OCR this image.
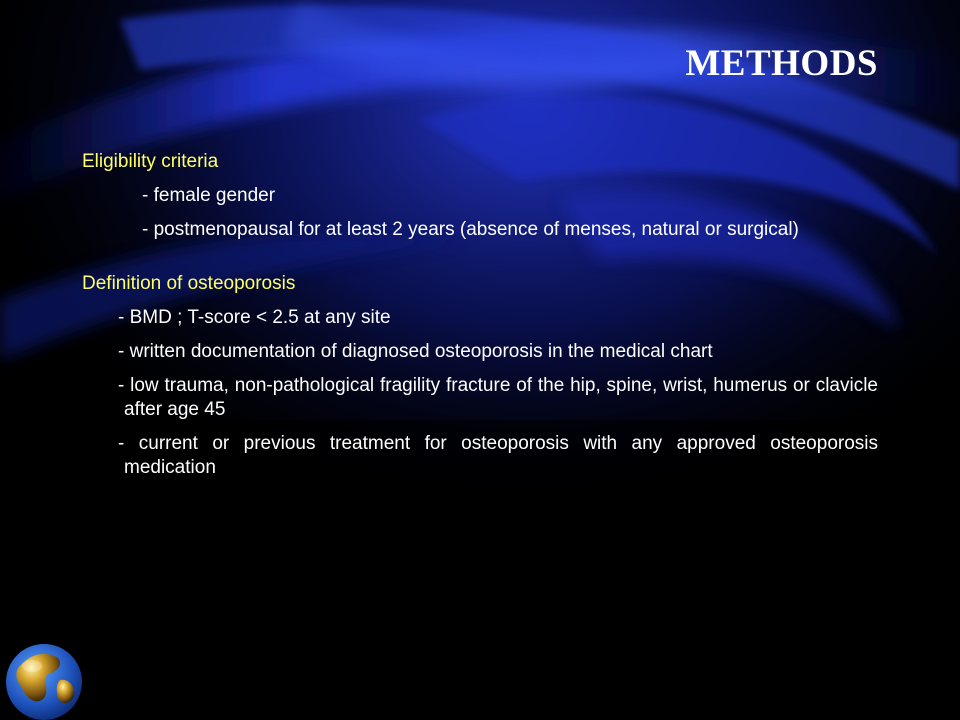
METHODS

Eligibility criteria

- female gender
- postmenopausal for at least 2 years (absence of menses, natural or surgical)

Definition of osteoporosis

- BMD ; T-score < 2.5 at any site
- written documentation of diagnosed osteoporosis in the medical chart
- low trauma, non-pathological fragility fracture of the hip, spine, wrist, humerus or clavicle after age 45
- current or previous treatment for osteoporosis with any approved osteoporosis medication
